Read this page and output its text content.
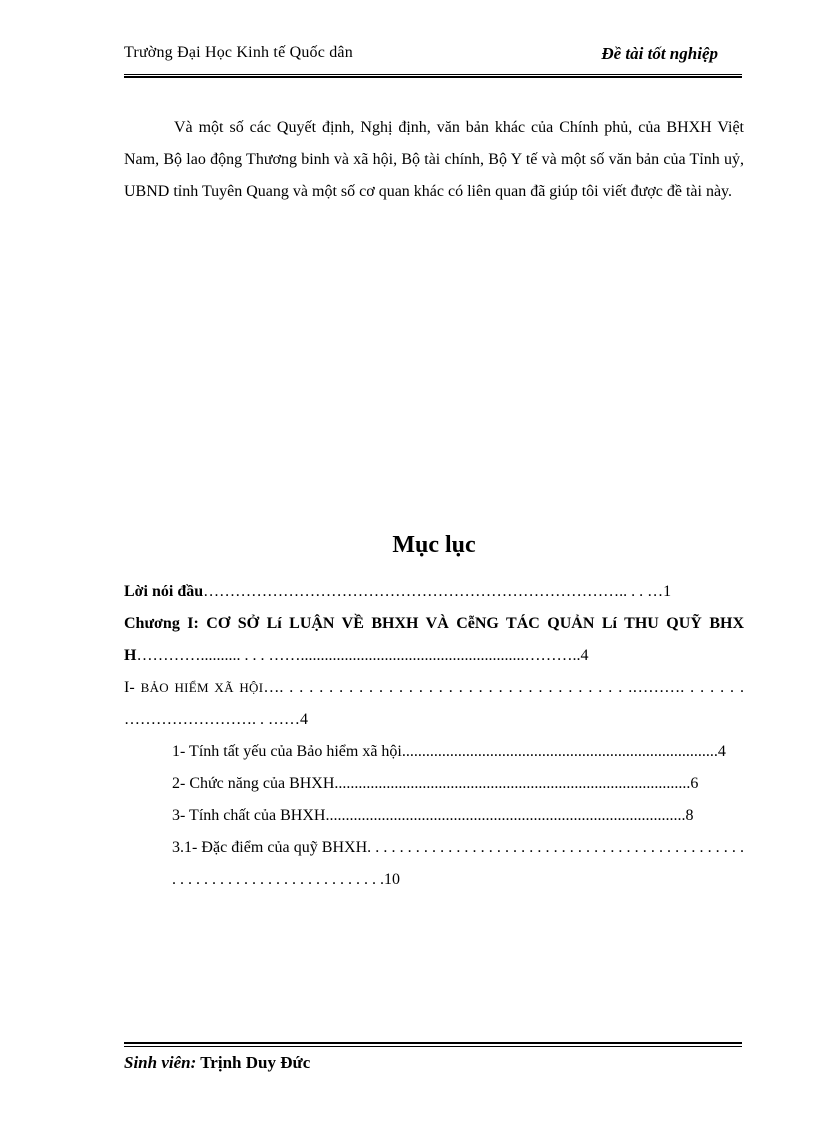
Trường Đại Học Kinh tế Quốc dân	Đề tài tốt nghiệp

Và một số các Quyết định, Nghị định, văn bản khác của Chính phủ, của BHXH Việt Nam, Bộ lao động Thương binh và xã hội, Bộ tài chính, Bộ Y tế và một số văn bản của Tỉnh uỷ, UBND tỉnh Tuyên Quang và một số cơ quan khác có liên quan đã giúp tôi viết được đề tài này.

Mục lục

Lời nói đầu…………………………………………………………………….. . . …1

Chương I: CƠ SỞ Lí LUẬN VỀ BHXH VÀ CễNG TÁC QUẢN Lí THU QUỸ BHXH………….......... . . . ……........................................................………..4

I- BẢO HIỂM XÃ HỘI…. . . . . . . . . . . . . . . . . . . . . . . . . . . . . . . . . . . .………. . . . . . . ……………………. . ……4

1- Tính tất yếu của Bảo hiểm xã hội...............................................................................4

2- Chức năng của BHXH.........................................................................................6

3- Tính chất của BHXH..........................................................................................8

3.1- Đặc điểm của quỹ BHXH. . . . . . . . . . . . . . . . . . . . . . . . . . . . . . . . . . . . . . . . . . . . . . . . . . . . . . . . . . . . . . . . . . . . . . . . . .10

Sinh viên: Trịnh Duy Đức
